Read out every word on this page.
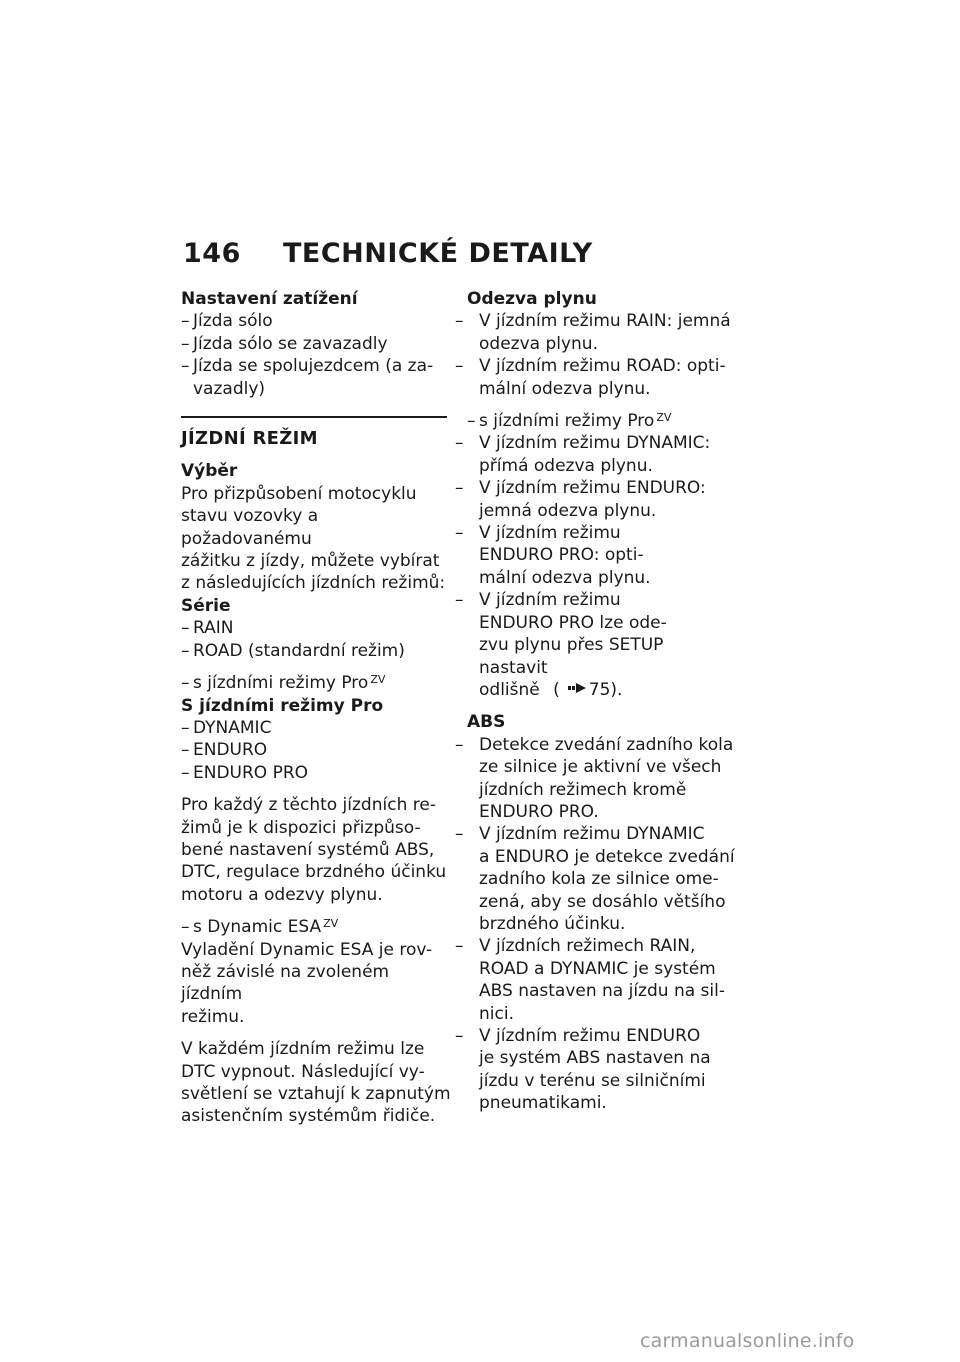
146	TECHNICKÉ DETAILY

Nastavení zatížení

– Jízda sólo
– Jízda sólo se zavazadly
– Jízda se spolujezdcem (a za-
vazadly)

JÍZDNÍ REŽIM

Výběr

Pro přizpůsobení motocyklu
stavu vozovky a požadovanému
zážitku z jízdy, můžete vybírat
z následujících jízdních režimů:

Série

– RAIN
– ROAD (standardní režim)
– s jízdními režimy Pro $^{ZV}$

S jízdními režimy Pro

– DYNAMIC
– ENDURO
– ENDURO PRO

Pro každý z těchto jízdních re-
žimů je k dispozici přizpůso-
bené nastavení systémů ABS,
DTC, regulace brzdného účinku
motoru a odezvy plynu.

– s Dynamic ESA $^{ZV}$

Vyladění Dynamic ESA je rov-
něž závislé na zvoleném jízdním
režimu.

V každém jízdním režimu lze
DTC vypnout. Následující vy-
světlení se vztahují k zapnutým
asistenčním systémům řidiče.

Odezva plynu

– V jízdním režimu RAIN: jemná
odezva plynu.
– V jízdním režimu ROAD: opti-
mální odezva plynu.
– s jízdními režimy Pro $^{ZV}$
– V jízdním režimu DYNAMIC:
přímá odezva plynu.
– V jízdním režimu ENDURO:
jemná odezva plynu.
– V jízdním režimu
ENDURO PRO: opti-
mální odezva plynu.
– V jízdním režimu
ENDURO PRO lze ode-
zvu plynu přes SETUP nastavit
odlišně ( 75).

ABS

– Detekce zvedání zadního kola
ze silnice je aktivní ve všech
jízdních režimech kromě
ENDURO PRO.
– V jízdním režimu DYNAMIC
a ENDURO je detekce zvedání
zadního kola ze silnice ome-
zená, aby se dosáhlo většího
brzdného účinku.
– V jízdních režimech RAIN,
ROAD a DYNAMIC je systém
ABS nastaven na jízdu na sil-
nici.
– V jízdním režimu ENDURO
je systém ABS nastaven na
jízdu v terénu se silničními
pneumatikami.
carmanualsonline.info
